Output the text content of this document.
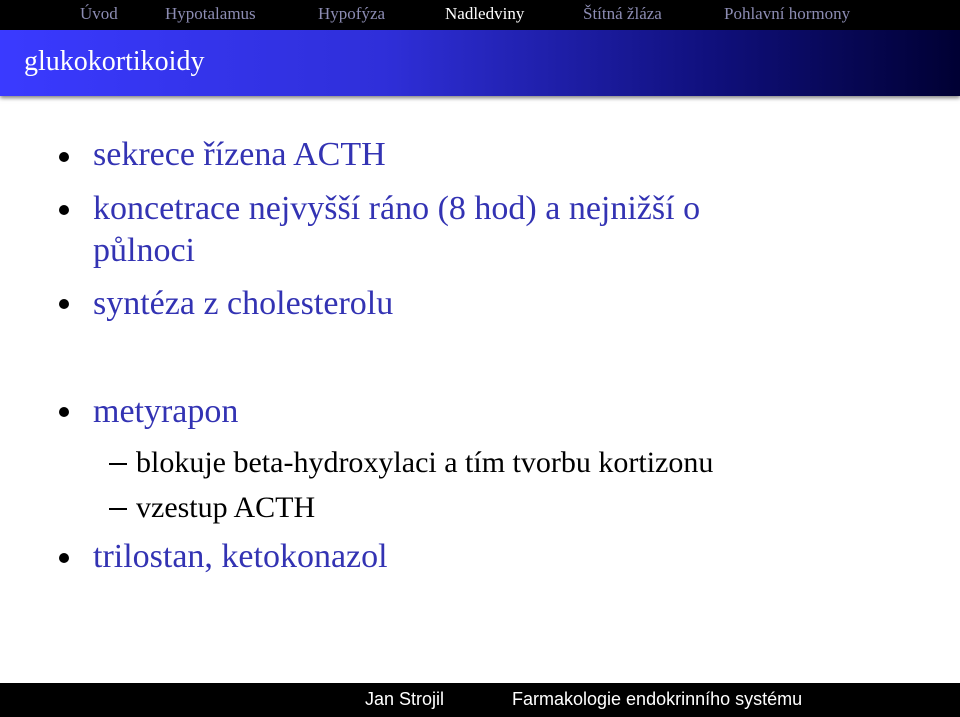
Úvod	Hypotalamus	Hypofýza	Nadledviny	Štítná žláza	Pohlavní hormony
glukokortikoidy
sekrece řízena ACTH
koncetrace nejvyšší ráno (8 hod) a nejnižší o
půlnoci
syntéza z cholesterolu
metyrapon
blokuje beta-hydroxylaci a tím tvorbu kortizonu
vzestup ACTH
trilostan, ketokonazol
Jan Strojil	Farmakologie endokrinního systému
